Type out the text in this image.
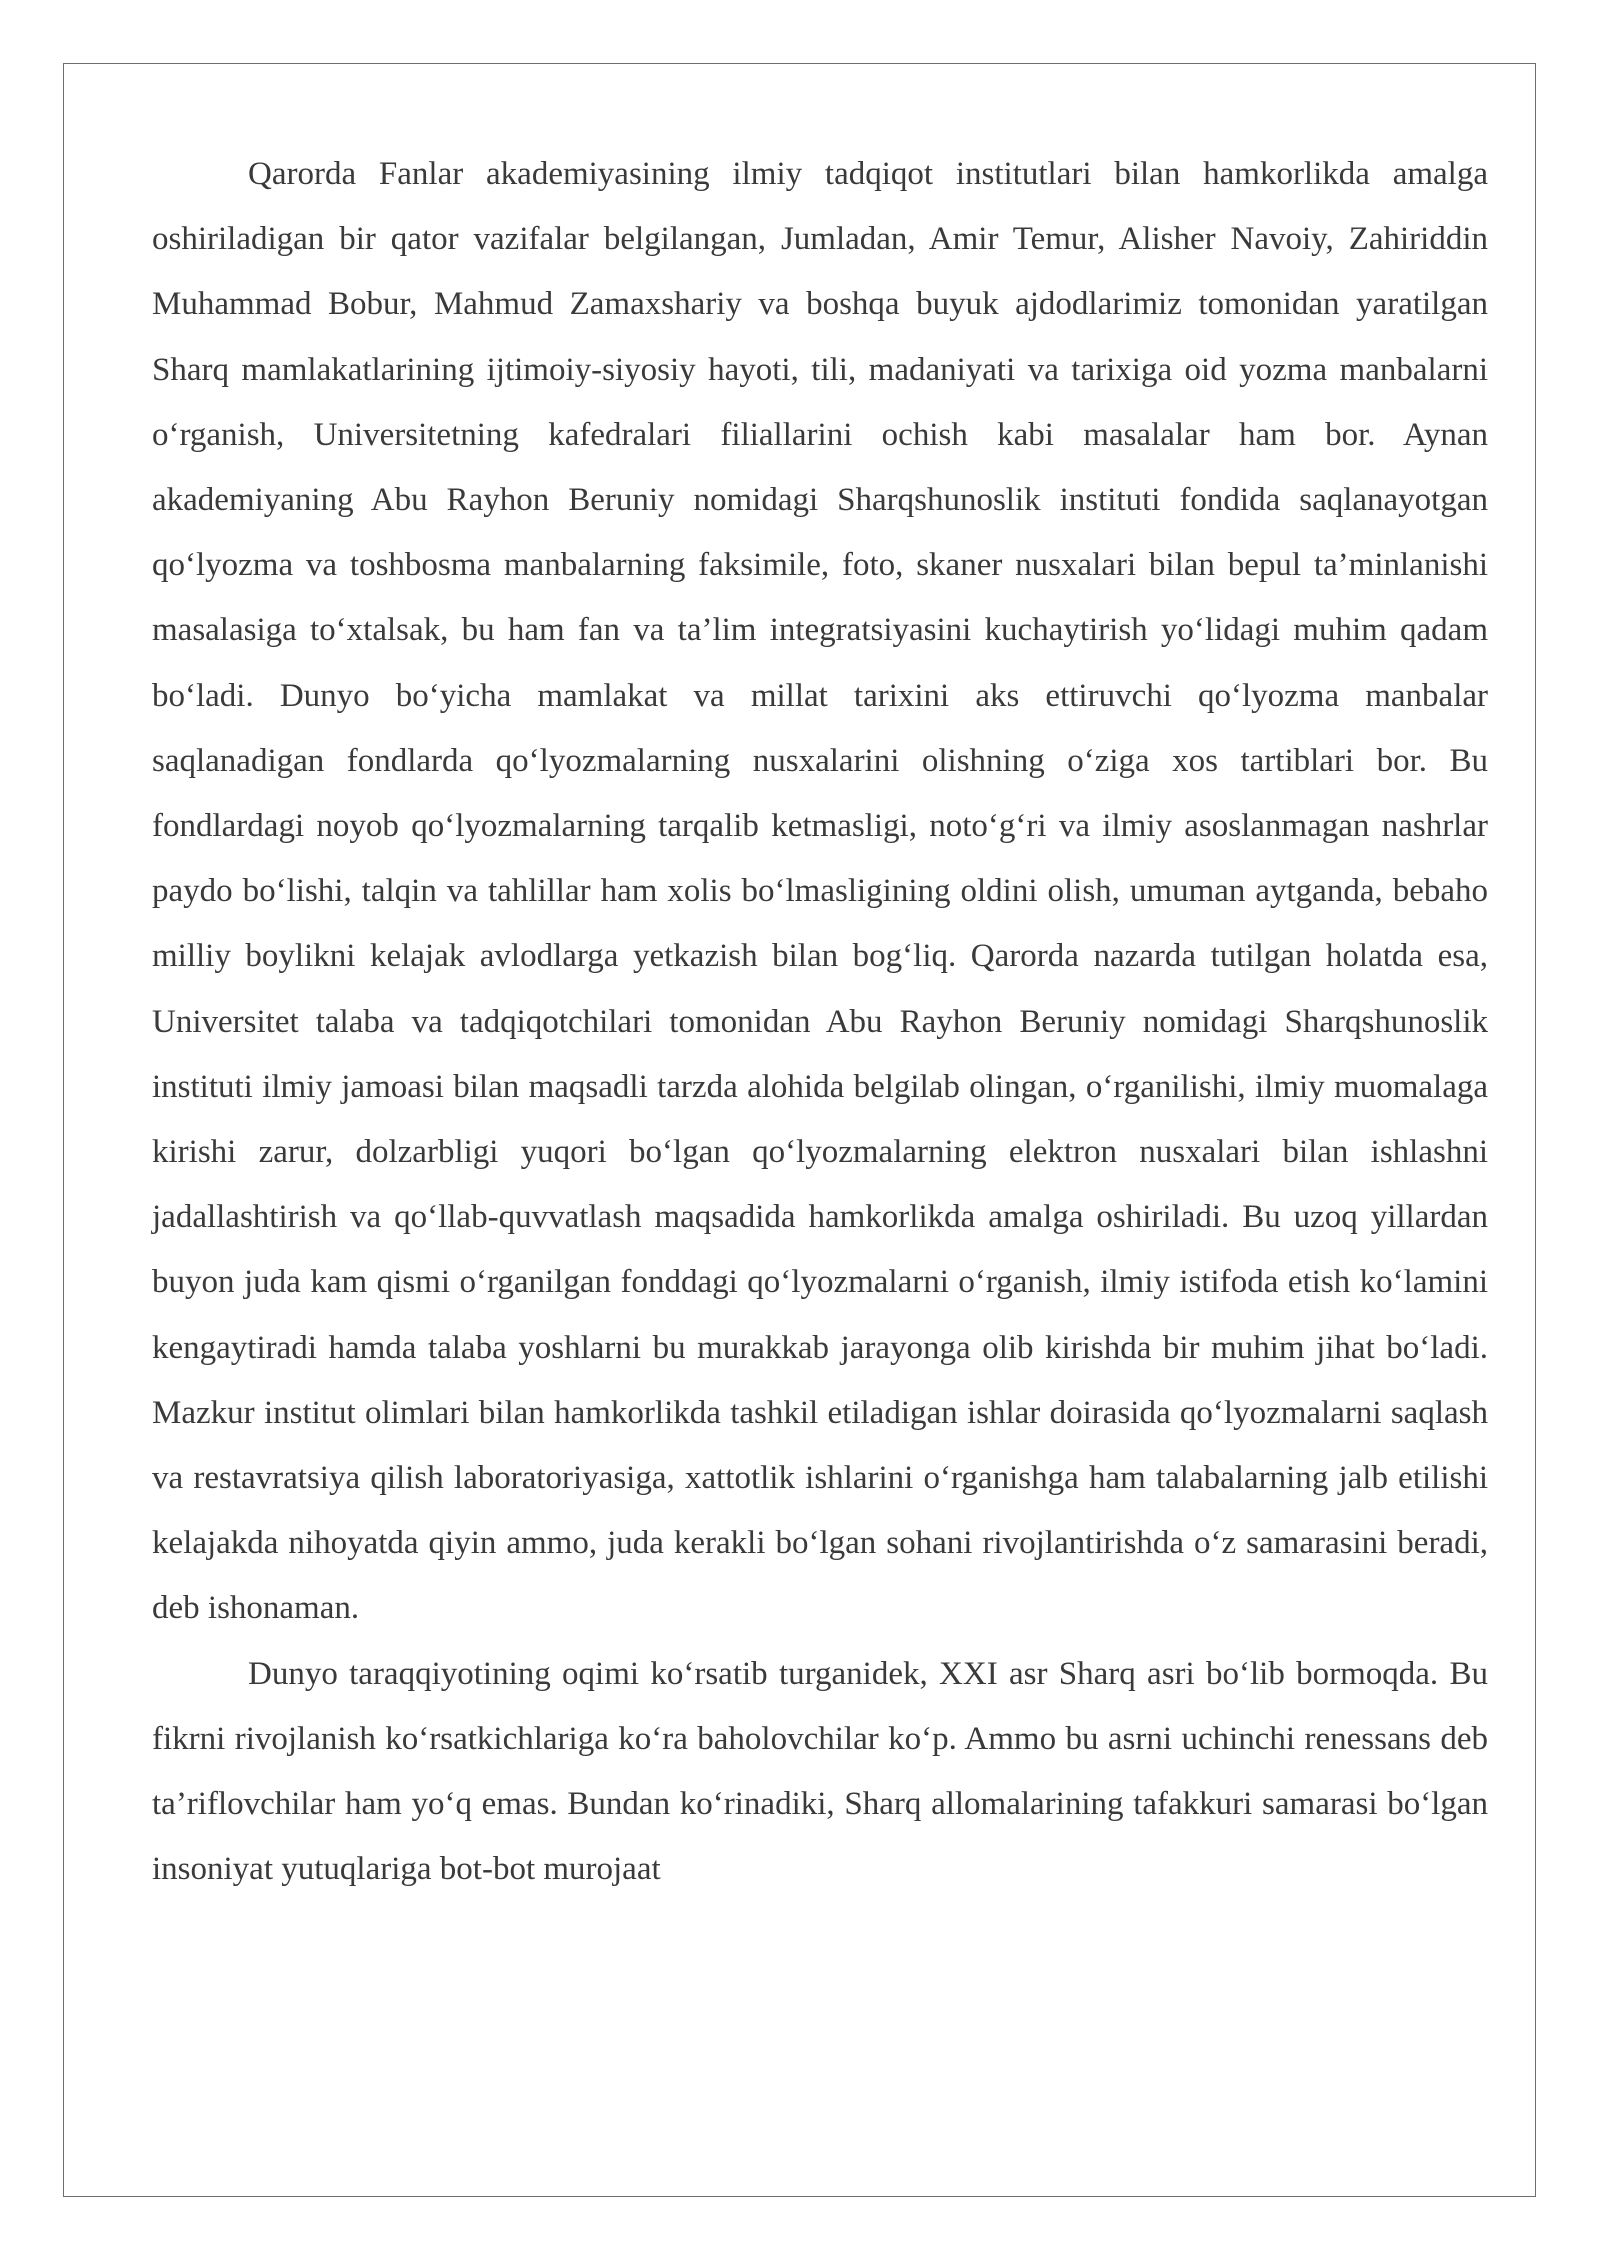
Qarorda Fanlar akademiyasining ilmiy tadqiqot institutlari bilan hamkorlikda amalga oshiriladigan bir qator vazifalar belgilangan, Jumladan, Amir Temur, Alisher Navoiy, Zahiriddin Muhammad Bobur, Mahmud Zamaxshariy va boshqa buyuk ajdodlarimiz tomonidan yaratilgan Sharq mamlakatlarining ijtimoiy-siyosiy hayoti, tili, madaniyati va tarixiga oid yozma manbalarni o‘rganish, Universitetning kafedralari filiallarini ochish kabi masalalar ham bor. Aynan akademiyaning Abu Rayhon Beruniy nomidagi Sharqshunoslik instituti fondida saqlanayotgan qo‘lyozma va toshbosma manbalarning faksimile, foto, skaner nusxalari bilan bepul ta’minlanishi masalasiga to‘xtalsak, bu ham fan va ta’lim integratsiyasini kuchaytirish yo‘lidagi muhim qadam bo‘ladi. Dunyo bo‘yicha mamlakat va millat tarixini aks ettiruvchi qo‘lyozma manbalar saqlanadigan fondlarda qo‘lyozmalarning nusxalarini olishning o‘ziga xos tartiblari bor. Bu fondlardagi noyob qo‘lyozmalarning tarqalib ketmasligi, noto‘g‘ri va ilmiy asoslanmagan nashrlar paydo bo‘lishi, talqin va tahlillar ham xolis bo‘lmasligining oldini olish, umuman aytganda, bebaho milliy boylikni kelajak avlodlarga yetkazish bilan bog‘liq. Qarorda nazarda tutilgan holatda esa, Universitet talaba va tadqiqotchilari tomonidan Abu Rayhon Beruniy nomidagi Sharqshunoslik instituti ilmiy jamoasi bilan maqsadli tarzda alohida belgilab olingan, o‘rganilishi, ilmiy muomalaga kirishi zarur, dolzarbligi yuqori bo‘lgan qo‘lyozmalarning elektron nusxalari bilan ishlashni jadallashtirish va qo‘llab-quvvatlash maqsadida hamkorlikda amalga oshiriladi. Bu uzoq yillardan buyon juda kam qismi o‘rganilgan fonddagi qo‘lyozmalarni o‘rganish, ilmiy istifoda etish ko‘lamini kengaytiradi hamda talaba yoshlarni bu murakkab jarayonga olib kirishda bir muhim jihat bo‘ladi. Mazkur institut olimlari bilan hamkorlikda tashkil etiladigan ishlar doirasida qo‘lyozmalarni saqlash va restavratsiya qilish laboratoriyasiga, xattotlik ishlarini o‘rganishga ham talabalarning jalb etilishi kelajakda nihoyatda qiyin ammo, juda kerakli bo‘lgan sohani rivojlantirishda o‘z samarasini beradi, deb ishonaman.

Dunyo taraqqiyotining oqimi ko‘rsatib turganidek, XXI asr Sharq asri bo‘lib bormoqda. Bu fikrni rivojlanish ko‘rsatkichlariga ko‘ra baholovchilar ko‘p. Ammo bu asrni uchinchi renessans deb ta’riflovchilar ham yo‘q emas. Bundan ko‘rinadiki, Sharq allomalarining tafakkuri samarasi bo‘lgan insoniyat yutuqlariga bot-bot murojaat
